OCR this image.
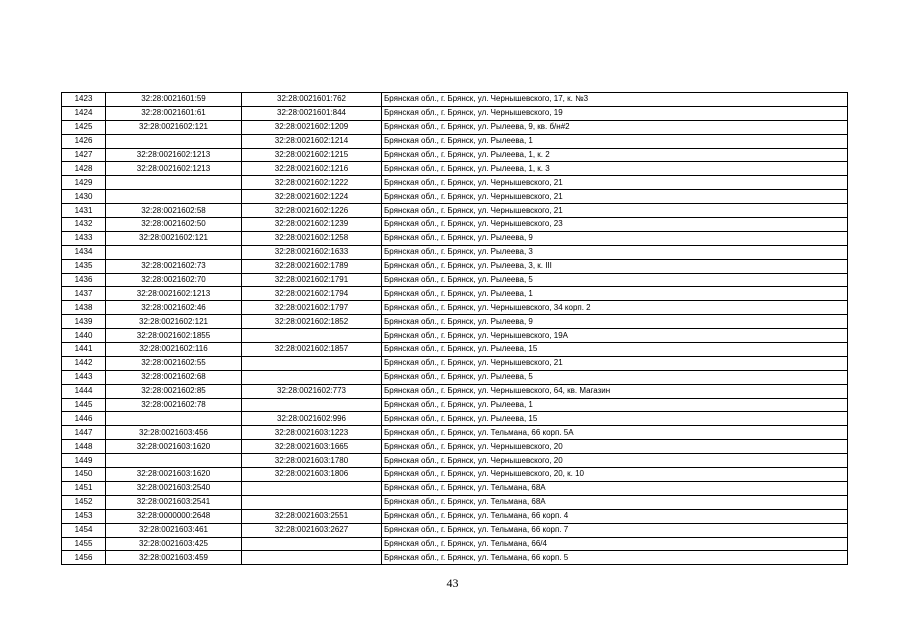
1423	32:28:0021601:59	32:28:0021601:762	Брянская обл., г. Брянск, ул. Чернышевского, 17, к. №3
1424	32:28:0021601:61	32:28:0021601:844	Брянская обл., г. Брянск, ул. Чернышевского, 19
1425	32:28:0021602:121	32:28:0021602:1209	Брянская обл., г. Брянск, ул. Рылеева, 9, кв. б/н#2
1426		32:28:0021602:1214	Брянская обл., г. Брянск, ул. Рылеева, 1
1427	32:28:0021602:1213	32:28:0021602:1215	Брянская обл., г. Брянск, ул. Рылеева, 1, к. 2
1428	32:28:0021602:1213	32:28:0021602:1216	Брянская обл., г. Брянск, ул. Рылеева, 1, к. 3
1429		32:28:0021602:1222	Брянская обл., г. Брянск, ул. Чернышевского, 21
1430		32:28:0021602:1224	Брянская обл., г. Брянск, ул. Чернышевского, 21
1431	32:28:0021602:58	32:28:0021602:1226	Брянская обл., г. Брянск, ул. Чернышевского, 21
1432	32:28:0021602:50	32:28:0021602:1239	Брянская обл., г. Брянск, ул. Чернышевского, 23
1433	32:28:0021602:121	32:28:0021602:1258	Брянская обл., г. Брянск, ул. Рылеева, 9
1434		32:28:0021602:1633	Брянская обл., г. Брянск, ул. Рылеева, 3
1435	32:28:0021602:73	32:28:0021602:1789	Брянская обл., г. Брянск, ул. Рылеева, 3, к. III
1436	32:28:0021602:70	32:28:0021602:1791	Брянская обл., г. Брянск, ул. Рылеева, 5
1437	32:28:0021602:1213	32:28:0021602:1794	Брянская обл., г. Брянск, ул. Рылеева, 1
1438	32:28:0021602:46	32:28:0021602:1797	Брянская обл., г. Брянск, ул. Чернышевского, 34 корп. 2
1439	32:28:0021602:121	32:28:0021602:1852	Брянская обл., г. Брянск, ул. Рылеева, 9
1440	32:28:0021602:1855		Брянская обл., г. Брянск, ул. Чернышевского, 19А
1441	32:28:0021602:116	32:28:0021602:1857	Брянская обл., г. Брянск, ул. Рылеева, 15
1442	32:28:0021602:55		Брянская обл., г. Брянск, ул. Чернышевского, 21
1443	32:28:0021602:68		Брянская обл., г. Брянск, ул. Рылеева, 5
1444	32:28:0021602:85	32:28:0021602:773	Брянская обл., г. Брянск, ул. Чернышевского, 64, кв. Магазин
1445	32:28:0021602:78		Брянская обл., г. Брянск, ул. Рылеева, 1
1446		32:28:0021602:996	Брянская обл., г. Брянск, ул. Рылеева, 15
1447	32:28:0021603:456	32:28:0021603:1223	Брянская обл., г. Брянск, ул. Тельмана, 66 корп. 5А
1448	32:28:0021603:1620	32:28:0021603:1665	Брянская обл., г. Брянск, ул. Чернышевского, 20
1449		32:28:0021603:1780	Брянская обл., г. Брянск, ул. Чернышевского, 20
1450	32:28:0021603:1620	32:28:0021603:1806	Брянская обл., г. Брянск, ул. Чернышевского, 20, к. 10
1451	32:28:0021603:2540		Брянская обл., г. Брянск, ул. Тельмана, 68А
1452	32:28:0021603:2541		Брянская обл., г. Брянск, ул. Тельмана, 68А
1453	32:28:0000000:2648	32:28:0021603:2551	Брянская обл., г. Брянск, ул. Тельмана, 66 корп. 4
1454	32:28:0021603:461	32:28:0021603:2627	Брянская обл., г. Брянск, ул. Тельмана, 66 корп. 7
1455	32:28:0021603:425		Брянская обл., г. Брянск, ул. Тельмана, 66/4
1456	32:28:0021603:459		Брянская обл., г. Брянск, ул. Тельмана, 66 корп. 5
43
